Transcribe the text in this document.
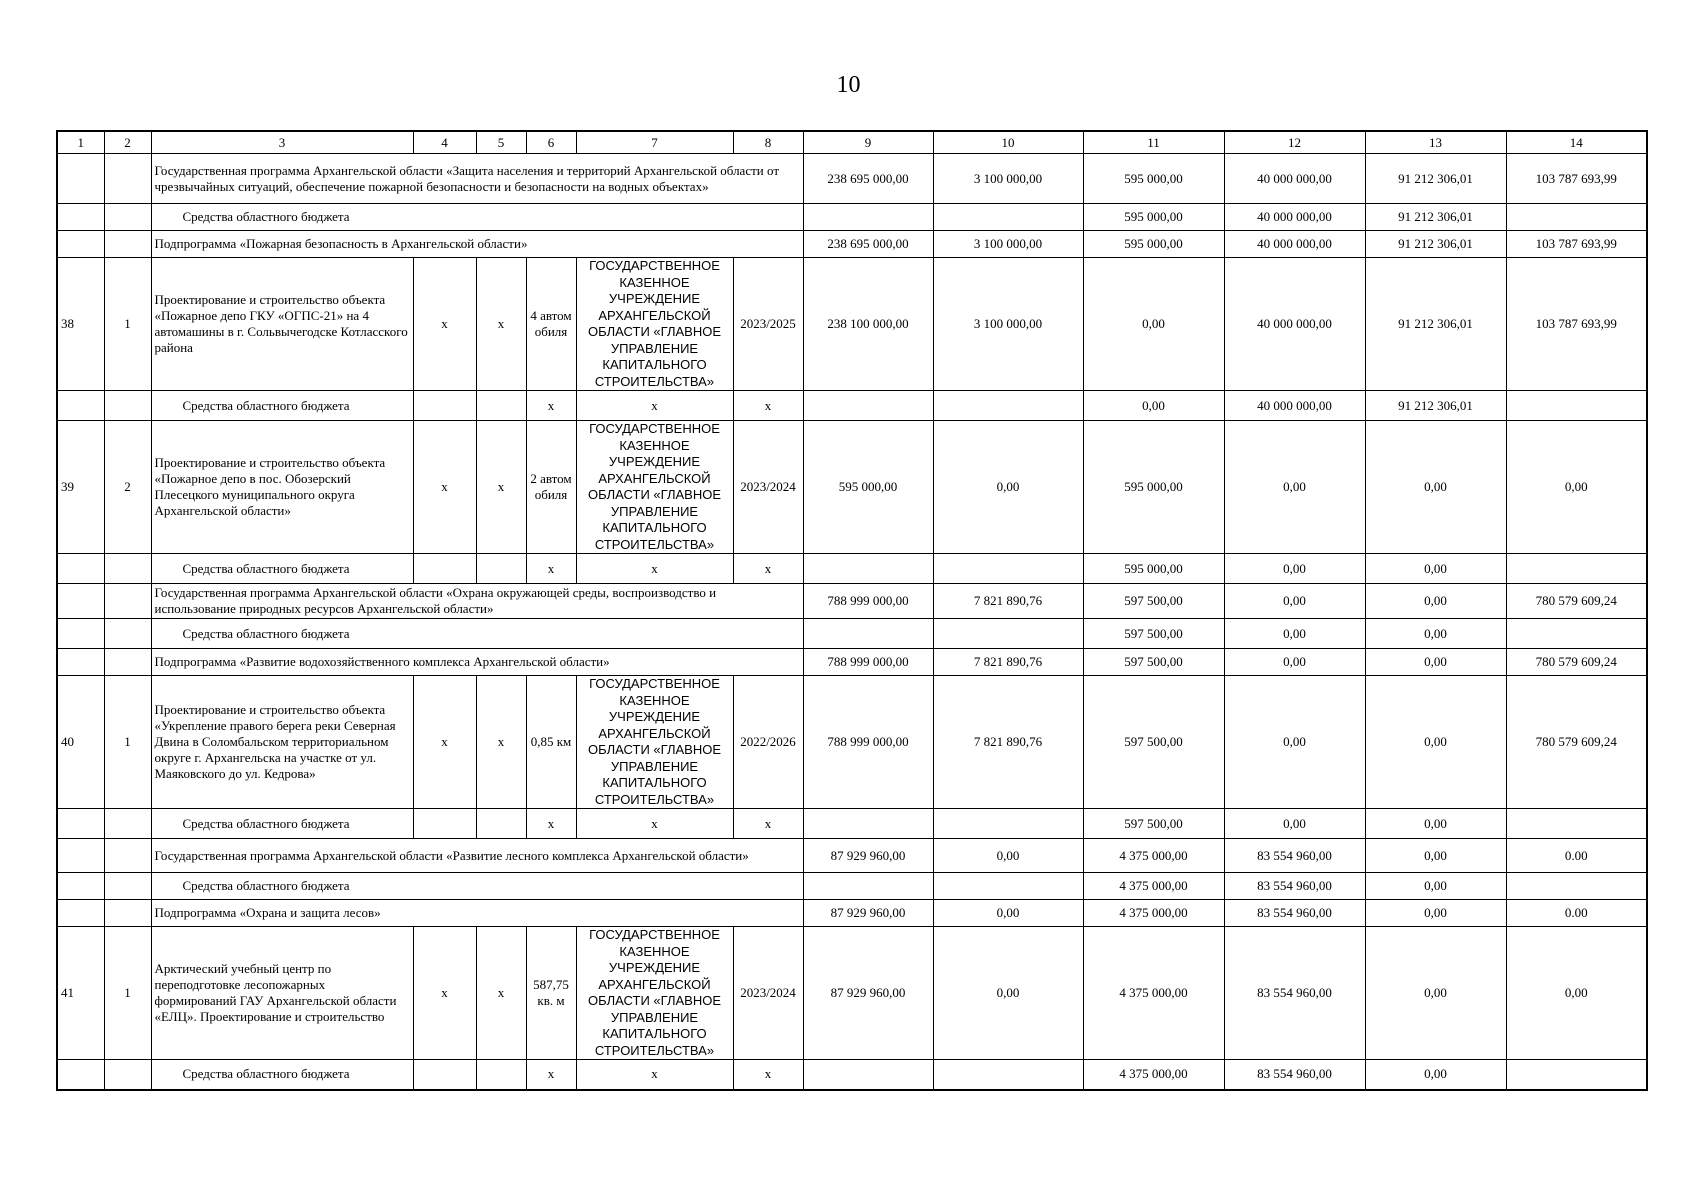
10
1	2	3	4	5	6	7	8	9	10	11	12	13	14
		Государственная программа Архангельской области «Защита населения и территорий Архангельской области от чрезвычайных ситуаций, обеспечение пожарной безопасности и безопасности на водных объектах»						238 695 000,00	3 100 000,00	595 000,00	40 000 000,00	91 212 306,01	103 787 693,99
		Средства областного бюджета								595 000,00	40 000 000,00	91 212 306,01	
		Подпрограмма «Пожарная безопасность в Архангельской области»						238 695 000,00	3 100 000,00	595 000,00	40 000 000,00	91 212 306,01	103 787 693,99
38	1	Проектирование и строительство объекта «Пожарное депо ГКУ «ОГПС-21» на 4 автомашины в г. Сольвычегодске Котласского района	x	x	4 автом обиля	ГОСУДАРСТВЕННОЕ КАЗЕННОЕ УЧРЕЖДЕНИЕ АРХАНГЕЛЬСКОЙ ОБЛАСТИ «ГЛАВНОЕ УПРАВЛЕНИЕ КАПИТАЛЬНОГО СТРОИТЕЛЬСТВА»	2023/2025	238 100 000,00	3 100 000,00	0,00	40 000 000,00	91 212 306,01	103 787 693,99
		Средства областного бюджета			x	x	x			0,00	40 000 000,00	91 212 306,01	
39	2	Проектирование и строительство объекта «Пожарное депо в пос. Обозерский Плесецкого муниципального округа Архангельской области»	x	x	2 автом обиля	ГОСУДАРСТВЕННОЕ КАЗЕННОЕ УЧРЕЖДЕНИЕ АРХАНГЕЛЬСКОЙ ОБЛАСТИ «ГЛАВНОЕ УПРАВЛЕНИЕ КАПИТАЛЬНОГО СТРОИТЕЛЬСТВА»	2023/2024	595 000,00	0,00	595 000,00	0,00	0,00	0,00
		Средства областного бюджета			x	x	x			595 000,00	0,00	0,00	
		Государственная программа Архангельской области «Охрана окружающей среды, воспроизводство и использование природных ресурсов Архангельской области»						788 999 000,00	7 821 890,76	597 500,00	0,00	0,00	780 579 609,24
		Средства областного бюджета								597 500,00	0,00	0,00	
		Подпрограмма «Развитие водохозяйственного комплекса Архангельской области»						788 999 000,00	7 821 890,76	597 500,00	0,00	0,00	780 579 609,24
40	1	Проектирование и строительство объекта «Укрепление правого берега реки Северная Двина в Соломбальском территориальном округе г. Архангельска на участке от ул. Маяковского до ул. Кедрова»	x	x	0,85 км	ГОСУДАРСТВЕННОЕ КАЗЕННОЕ УЧРЕЖДЕНИЕ АРХАНГЕЛЬСКОЙ ОБЛАСТИ «ГЛАВНОЕ УПРАВЛЕНИЕ КАПИТАЛЬНОГО СТРОИТЕЛЬСТВА»	2022/2026	788 999 000,00	7 821 890,76	597 500,00	0,00	0,00	780 579 609,24
		Средства областного бюджета			x	x	x			597 500,00	0,00	0,00	
		Государственная программа Архангельской области «Развитие лесного комплекса Архангельской области»						87 929 960,00	0,00	4 375 000,00	83 554 960,00	0,00	0.00
		Средства областного бюджета								4 375 000,00	83 554 960,00	0,00	
		Подпрограмма «Охрана и защита лесов»						87 929 960,00	0,00	4 375 000,00	83 554 960,00	0,00	0.00
41	1	Арктический учебный центр по переподготовке лесопожарных формирований ГАУ Архангельской области «ЕЛЦ». Проектирование и строительство	x	x	587,75 кв. м	ГОСУДАРСТВЕННОЕ КАЗЕННОЕ УЧРЕЖДЕНИЕ АРХАНГЕЛЬСКОЙ ОБЛАСТИ «ГЛАВНОЕ УПРАВЛЕНИЕ КАПИТАЛЬНОГО СТРОИТЕЛЬСТВА»	2023/2024	87 929 960,00	0,00	4 375 000,00	83 554 960,00	0,00	0,00
		Средства областного бюджета			x	x	x			4 375 000,00	83 554 960,00	0,00	
